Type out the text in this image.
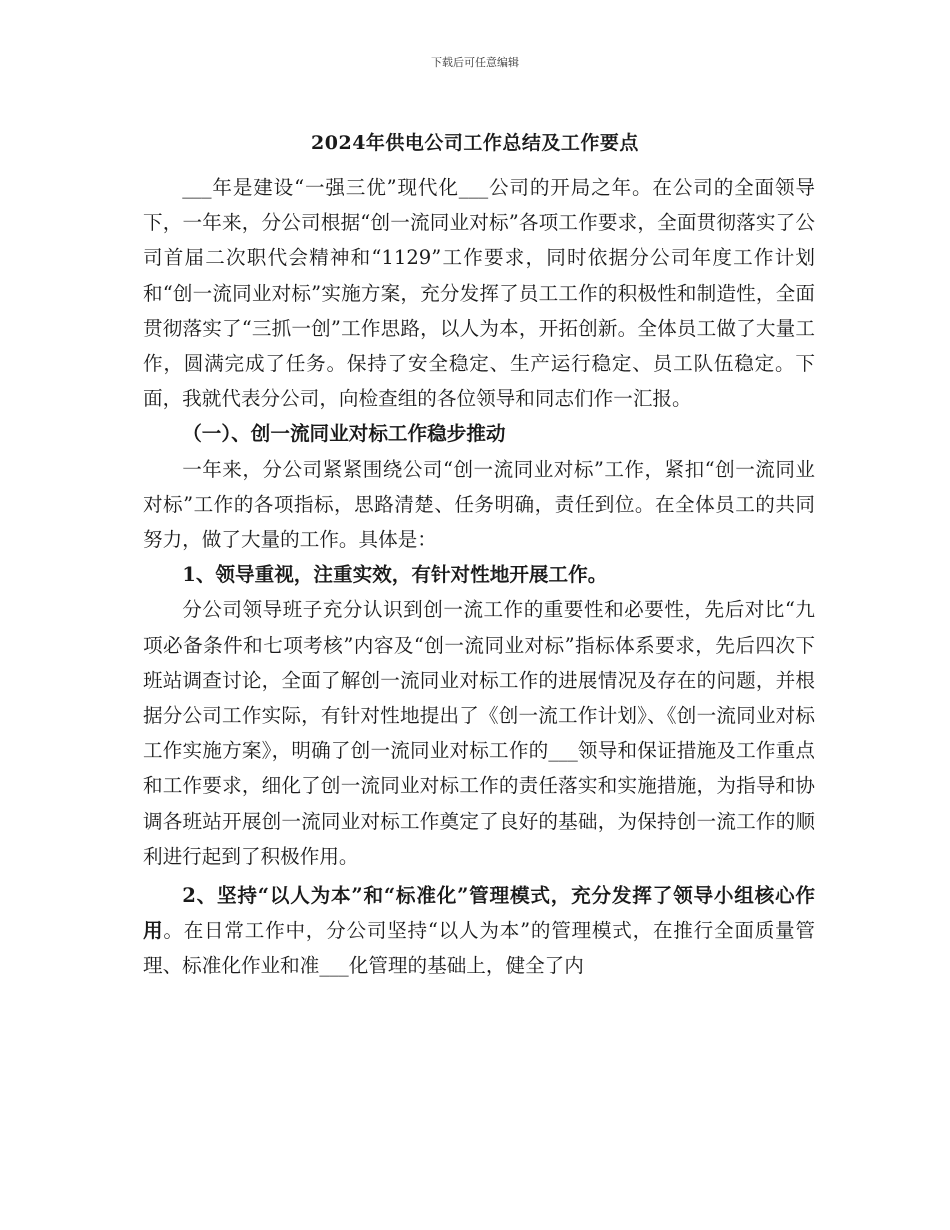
下载后可任意编辑
2024年供电公司工作总结及工作要点

___年是建设“一强三优”现代化___公司的开局之年。在公司的全面领导下，一年来，分公司根据“创一流同业对标”各项工作要求，全面贯彻落实了公司首届二次职代会精神和“1129”工作要求，同时依据分公司年度工作计划和“创一流同业对标”实施方案，充分发挥了员工工作的积极性和制造性，全面贯彻落实了“三抓一创”工作思路，以人为本，开拓创新。全体员工做了大量工作，圆满完成了任务。保持了安全稳定、生产运行稳定、员工队伍稳定。下面，我就代表分公司，向检查组的各位领导和同志们作一汇报。

（一）、创一流同业对标工作稳步推动

一年来，分公司紧紧围绕公司“创一流同业对标”工作，紧扣“创一流同业对标”工作的各项指标，思路清楚、任务明确，责任到位。在全体员工的共同努力，做了大量的工作。具体是：

1、领导重视，注重实效，有针对性地开展工作。

分公司领导班子充分认识到创一流工作的重要性和必要性，先后对比“九项必备条件和七项考核”内容及“创一流同业对标”指标体系要求，先后四次下班站调查讨论，全面了解创一流同业对标工作的进展情况及存在的问题，并根据分公司工作实际，有针对性地提出了《创一流工作计划》、《创一流同业对标工作实施方案》，明确了创一流同业对标工作的___领导和保证措施及工作重点和工作要求，细化了创一流同业对标工作的责任落实和实施措施，为指导和协调各班站开展创一流同业对标工作奠定了良好的基础，为保持创一流工作的顺利进行起到了积极作用。

2、坚持“以人为本”和“标准化”管理模式，充分发挥了领导小组核心作用。在日常工作中，分公司坚持“以人为本”的管理模式，在推行全面质量管理、标准化作业和准___化管理的基础上，健全了内
